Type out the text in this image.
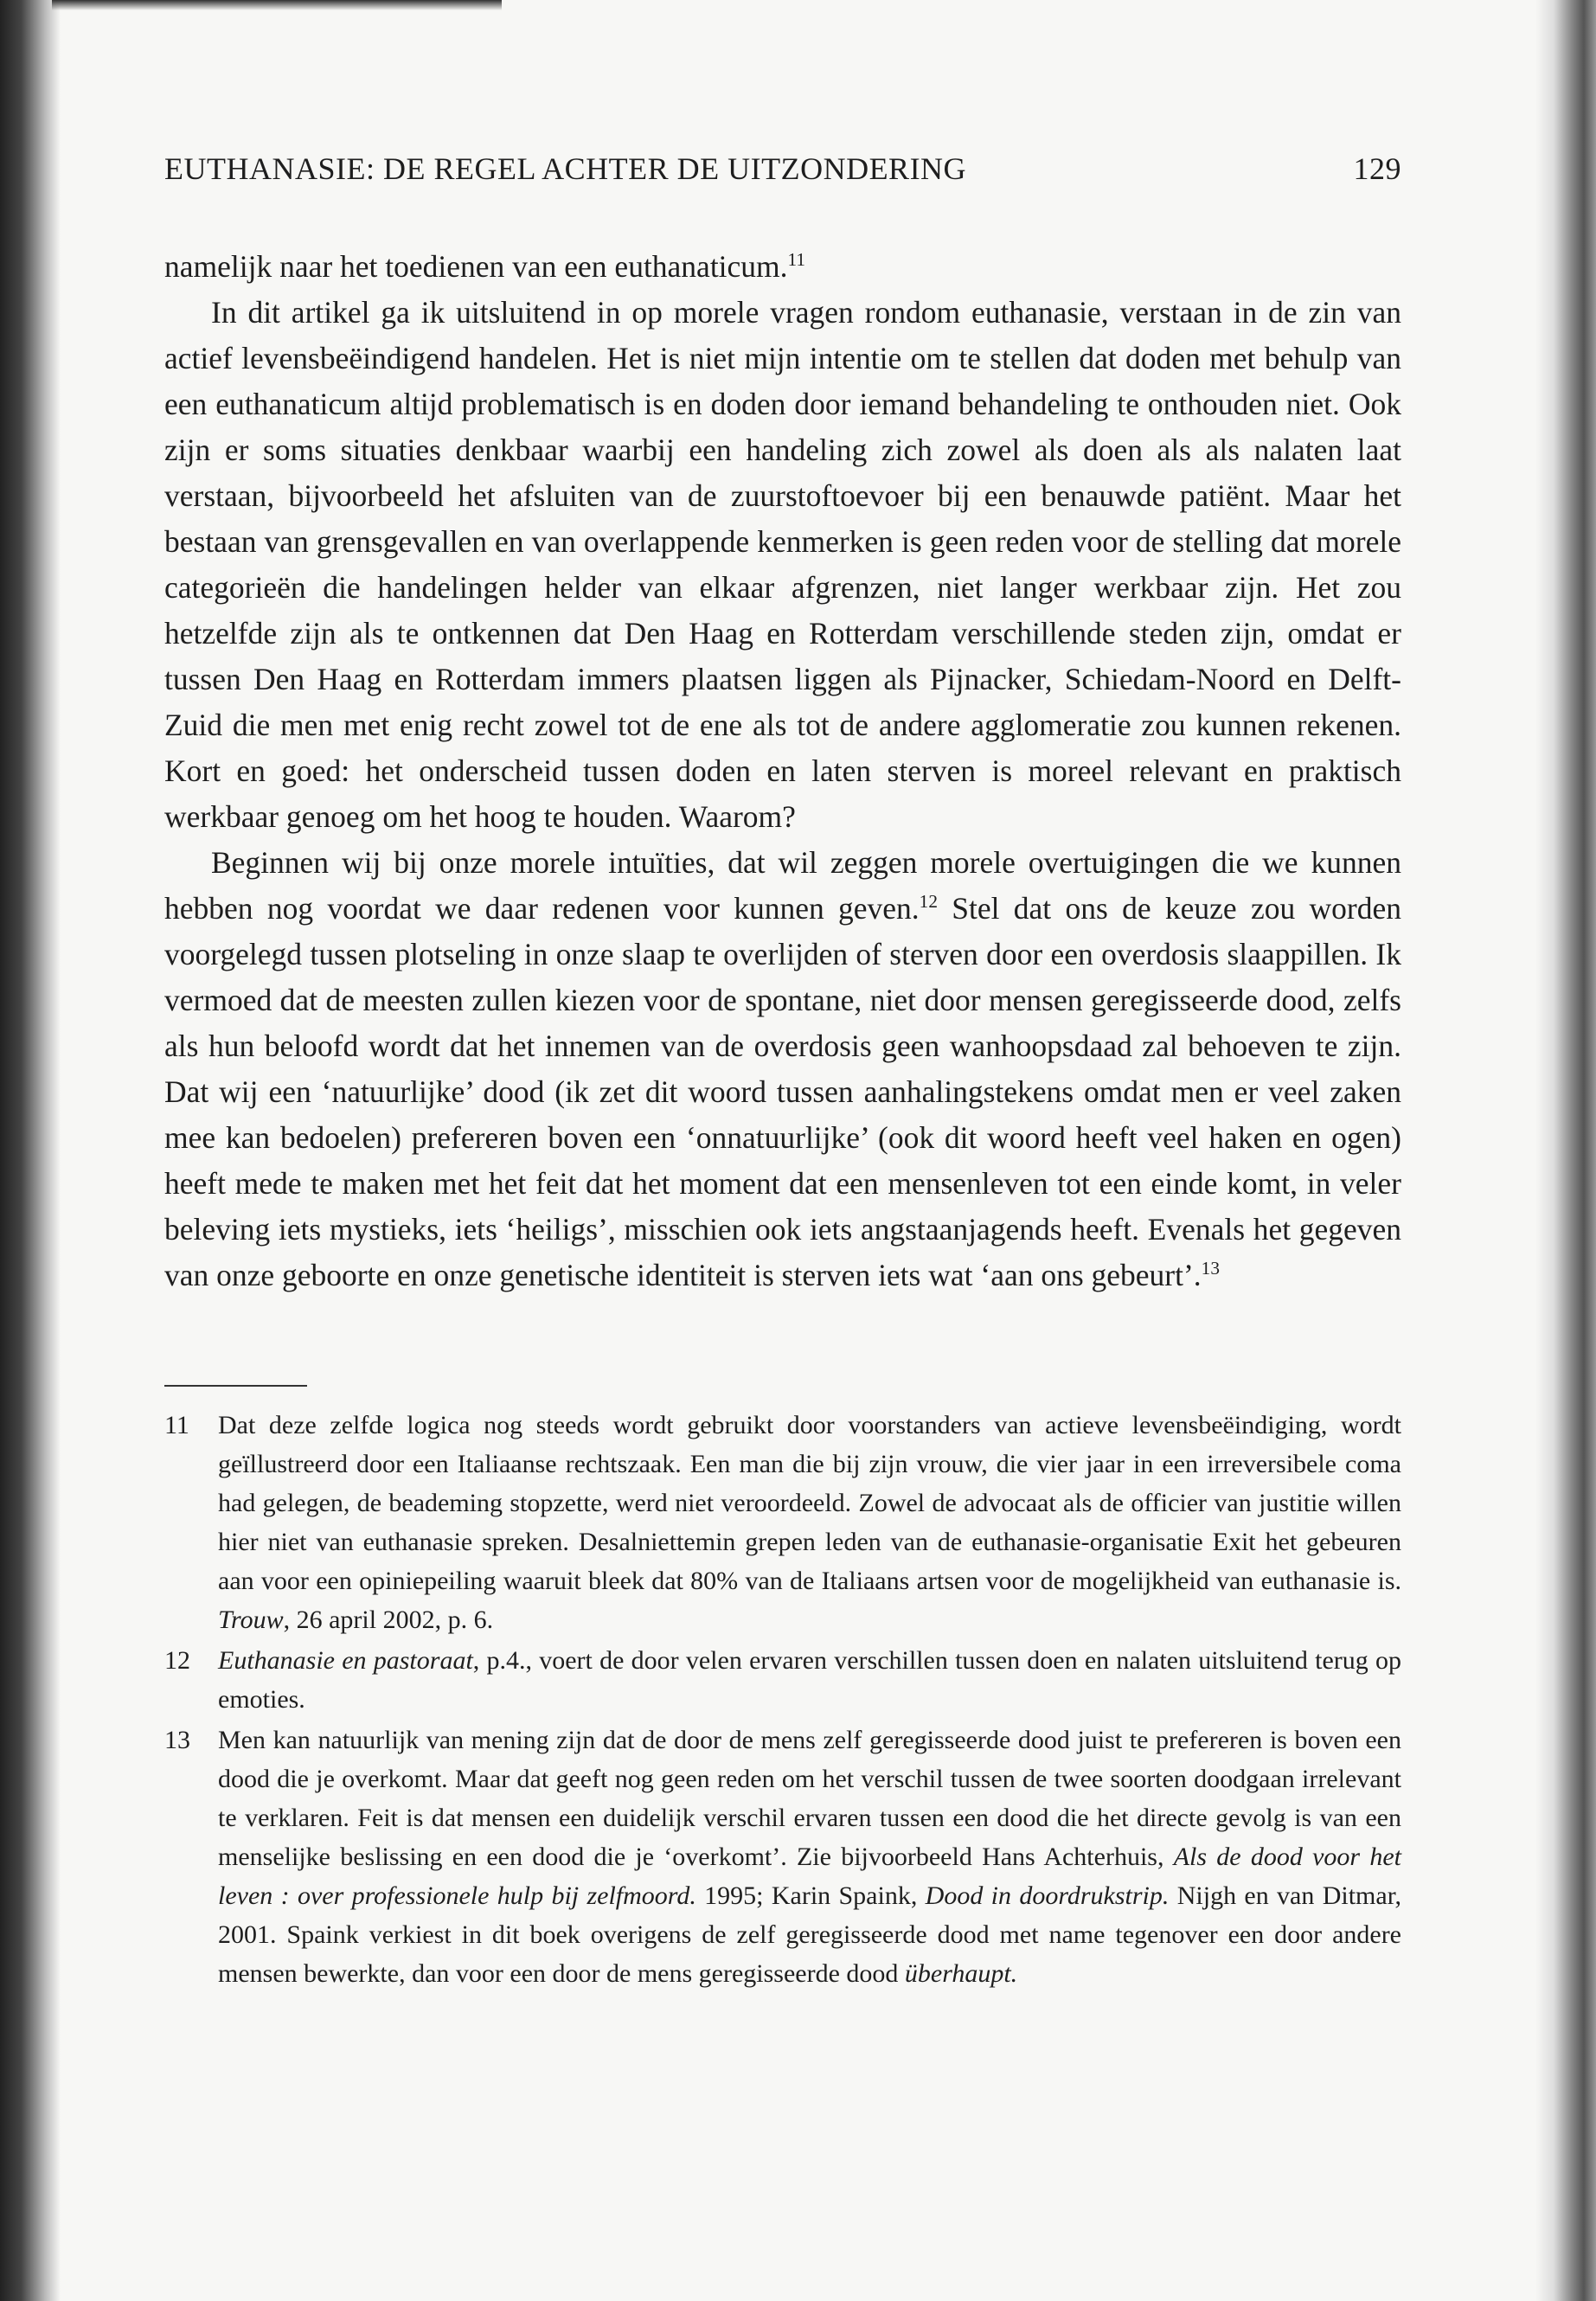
EUTHANASIE: DE REGEL ACHTER DE UITZONDERING	129

namelijk naar het toedienen van een euthanaticum.$^{11}$

In dit artikel ga ik uitsluitend in op morele vragen rondom euthanasie, verstaan in de zin van actief levensbeëindigend handelen. Het is niet mijn intentie om te stellen dat doden met behulp van een euthanaticum altijd problematisch is en doden door iemand behandeling te onthouden niet. Ook zijn er soms situaties denkbaar waarbij een handeling zich zowel als doen als als nalaten laat verstaan, bijvoorbeeld het afsluiten van de zuurstoftoevoer bij een benauwde patiënt. Maar het bestaan van grensgevallen en van overlappende kenmerken is geen reden voor de stelling dat morele categorieën die handelingen helder van elkaar afgrenzen, niet langer werkbaar zijn. Het zou hetzelfde zijn als te ontkennen dat Den Haag en Rotterdam verschillende steden zijn, omdat er tussen Den Haag en Rotterdam immers plaatsen liggen als Pijnacker, Schiedam-Noord en Delft-Zuid die men met enig recht zowel tot de ene als tot de andere agglomeratie zou kunnen rekenen. Kort en goed: het onderscheid tussen doden en laten sterven is moreel relevant en praktisch werkbaar genoeg om het hoog te houden. Waarom?

Beginnen wij bij onze morele intuïties, dat wil zeggen morele overtuigingen die we kunnen hebben nog voordat we daar redenen voor kunnen geven.$^{12}$ Stel dat ons de keuze zou worden voorgelegd tussen plotseling in onze slaap te overlijden of sterven door een overdosis slaappillen. Ik vermoed dat de meesten zullen kiezen voor de spontane, niet door mensen geregisseerde dood, zelfs als hun beloofd wordt dat het innemen van de overdosis geen wanhoopsdaad zal behoeven te zijn. Dat wij een ‘natuurlijke’ dood (ik zet dit woord tussen aanhalingstekens omdat men er veel zaken mee kan bedoelen) prefereren boven een ‘onnatuurlijke’ (ook dit woord heeft veel haken en ogen) heeft mede te maken met het feit dat het moment dat een mensenleven tot een einde komt, in veler beleving iets mystieks, iets ‘heiligs’, misschien ook iets angstaanjagends heeft. Evenals het gegeven van onze geboorte en onze genetische identiteit is sterven iets wat ‘aan ons gebeurt’.$^{13}$

11	Dat deze zelfde logica nog steeds wordt gebruikt door voorstanders van actieve levensbeëindiging, wordt geïllustreerd door een Italiaanse rechtszaak. Een man die bij zijn vrouw, die vier jaar in een irreversibele coma had gelegen, de beademing stopzette, werd niet veroordeeld. Zowel de advocaat als de officier van justitie willen hier niet van euthanasie spreken. Desalniettemin grepen leden van de euthanasie-organisatie Exit het gebeuren aan voor een opiniepeiling waaruit bleek dat 80% van de Italiaans artsen voor de mogelijkheid van euthanasie is. Trouw, 26 april 2002, p. 6.
12	Euthanasie en pastoraat, p.4., voert de door velen ervaren verschillen tussen doen en nalaten uitsluitend terug op emoties.
13	Men kan natuurlijk van mening zijn dat de door de mens zelf geregisseerde dood juist te prefereren is boven een dood die je overkomt. Maar dat geeft nog geen reden om het verschil tussen de twee soorten doodgaan irrelevant te verklaren. Feit is dat mensen een duidelijk verschil ervaren tussen een dood die het directe gevolg is van een menselijke beslissing en een dood die je ‘overkomt’. Zie bijvoorbeeld Hans Achterhuis, Als de dood voor het leven : over professionele hulp bij zelfmoord. 1995; Karin Spaink, Dood in doordrukstrip. Nijgh en van Ditmar, 2001. Spaink verkiest in dit boek overigens de zelf geregisseerde dood met name tegenover een door andere mensen bewerkte, dan voor een door de mens geregisseerde dood überhaupt.
